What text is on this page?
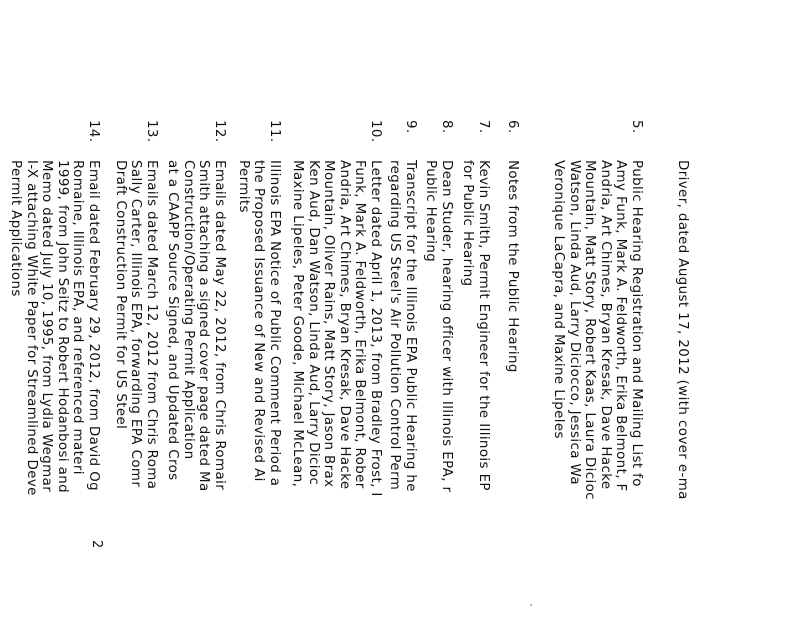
Driver, dated August 17, 2012 (with cover e-ma
5.
Public Hearing Registration and Mailing List fo
Amy Funk, Mark A. Feldworth, Erika Belmont, F
Andria, Art Chimes, Bryan Kresak, Dave Hacke
Mountain, Matt Story, Robert Kaas, Laura Dicioc
Watson, Linda Aud, Larry Diciocco, Jessica Wa
Veronique LaCapra, and Maxine Lipeles
6.
Notes from the Public Hearing
7.
Kevin Smith, Permit Engineer for the Illinois EP
for Public Hearing
8.
Dean Studer, hearing officer with Illinois EPA, r
Public Hearing
9.
Transcript for the Illinois EPA Public Hearing he
regarding US Steel's Air Pollution Control Perm
10.
Letter dated April 1, 2013, from Bradley Frost, I
Funk, Mark A. Feldworth, Erika Belmont, Rober
Andria, Art Chimes, Bryan Kresak, Dave Hacke
Mountain, Oliver Rains, Matt Story, Jason Brax
Ken Aud, Dan Watson, Linda Aud, Larry Dicioc
Maxine Lipeles, Peter Goode, Michael McLean,
11.
Illinois EPA Notice of Public Comment Period a
the Proposed Issuance of New and Revised Ai
Permits
12.
Emails dated May 22, 2012, from Chris Romair
Smith attaching a signed cover page dated Ma
Construction/Operating Permit Application
at a CAAPP Source Signed, and Updated Cros
13.
Emails dated March 12, 2012 from Chris Roma
Sally Carter, Illinois EPA, forwarding EPA Comr
Draft Construction Permit for US Steel
14.
Email dated February 29, 2012, from David Og
Romaine, Illinois EPA, and referenced materi
1999, from John Seitz to Robert Hodanbosi and
Memo dated July 10, 1995, from Lydia Wegmar
I-X attaching White Paper for Streamlined Deve
Permit Applications
2
